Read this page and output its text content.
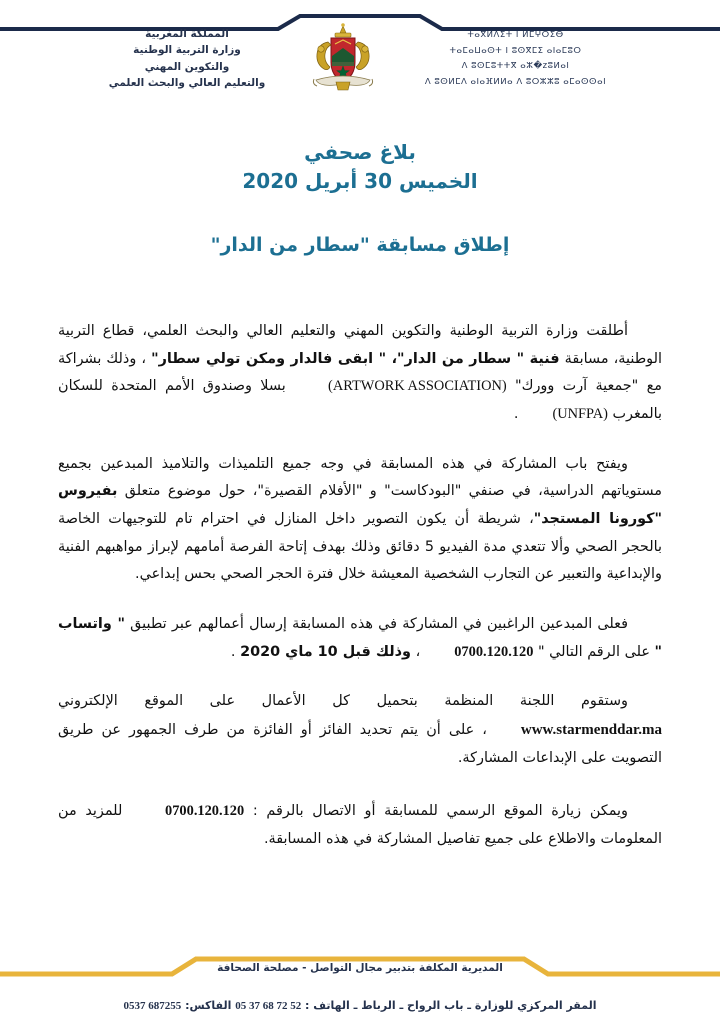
المملكة المغربية
وزارة التربية الوطنية
والتكوين المهني
والتعليم العالي والبحث العلمي
ⵜⴰⴳⵍⴷⵉⵜ ⵏ ⵍⵎⵖⵔⵉⴱ
ⵜⴰⵎⴰⵡⴰⵙⵜ ⵏ ⵓⵙⴳⵎⵉ ⴰⵏⴰⵎⵓⵔ
ⴷ ⵓⵙⵎⵓⵜⵜⴳ ⴰⵣ�zⵓⵍⴰⵏ
ⴷ ⵓⵙⵍⵎⴷ ⴰⵏⴰⴼⵍⵍⴰ ⴷ ⵓⵔⵣⵣⵓ ⴰⵎⴰⵙⵙⴰⵏ
بلاغ صحفي
الخميس 30 أبريل 2020
إطلاق مسابقة "سطار من الدار"

أطلقت وزارة التربية الوطنية والتكوين المهني والتعليم العالي والبحث العلمي، قطاع التربية الوطنية، مسابقة فنية " سطار من الدار"، " ابقى فالدار ومكن تولي سطار" ، وذلك بشراكة مع "جمعية آرت وورك" (ARTWORK ASSOCIATION) بسلا وصندوق الأمم المتحدة للسكان بالمغرب (UNFPA).

ويفتح باب المشاركة في هذه المسابقة في وجه جميع التلميذات والتلاميذ المبدعين بجميع مستوياتهم الدراسية، في صنفي "البودكاست" و "الأفلام القصيرة"، حول موضوع متعلق بفيروس "كورونا المستجد"، شريطة أن يكون التصوير داخل المنازل في احترام تام للتوجيهات الخاصة بالحجر الصحي وألا تتعدي مدة الفيديو 5 دقائق وذلك بهدف إتاحة الفرصة أمامهم لإبراز مواهبهم الفنية والإبداعية والتعبير عن التجارب الشخصية المعيشة خلال فترة الحجر الصحي بحس إبداعي.

فعلى المبدعين الراغبين في المشاركة في هذه المسابقة إرسال أعمالهم عبر تطبيق " واتساب " على الرقم التالي " 0700.120.120، وذلك قبل 10 ماي 2020 .

وستقوم اللجنة المنظمة بتحميل كل الأعمال على الموقع الإلكتروني www.starmenddar.ma، على أن يتم تحديد الفائز أو الفائزة من طرف الجمهور عن طريق التصويت على الإبداعات المشاركة.

ويمكن زيارة الموقع الرسمي للمسابقة أو الاتصال بالرقم : 0700.120.120 للمزيد من المعلومات والاطلاع على جميع تفاصيل المشاركة في هذه المسابقة.

المديرية المكلفة بتدبير مجال التواصل - مصلحة الصحافة
المقر المركزي للوزارة ـ باب الرواح ـ الرباط ـ الهاتف : 05 37 68 72 52 الفاكس: 0537 687255
